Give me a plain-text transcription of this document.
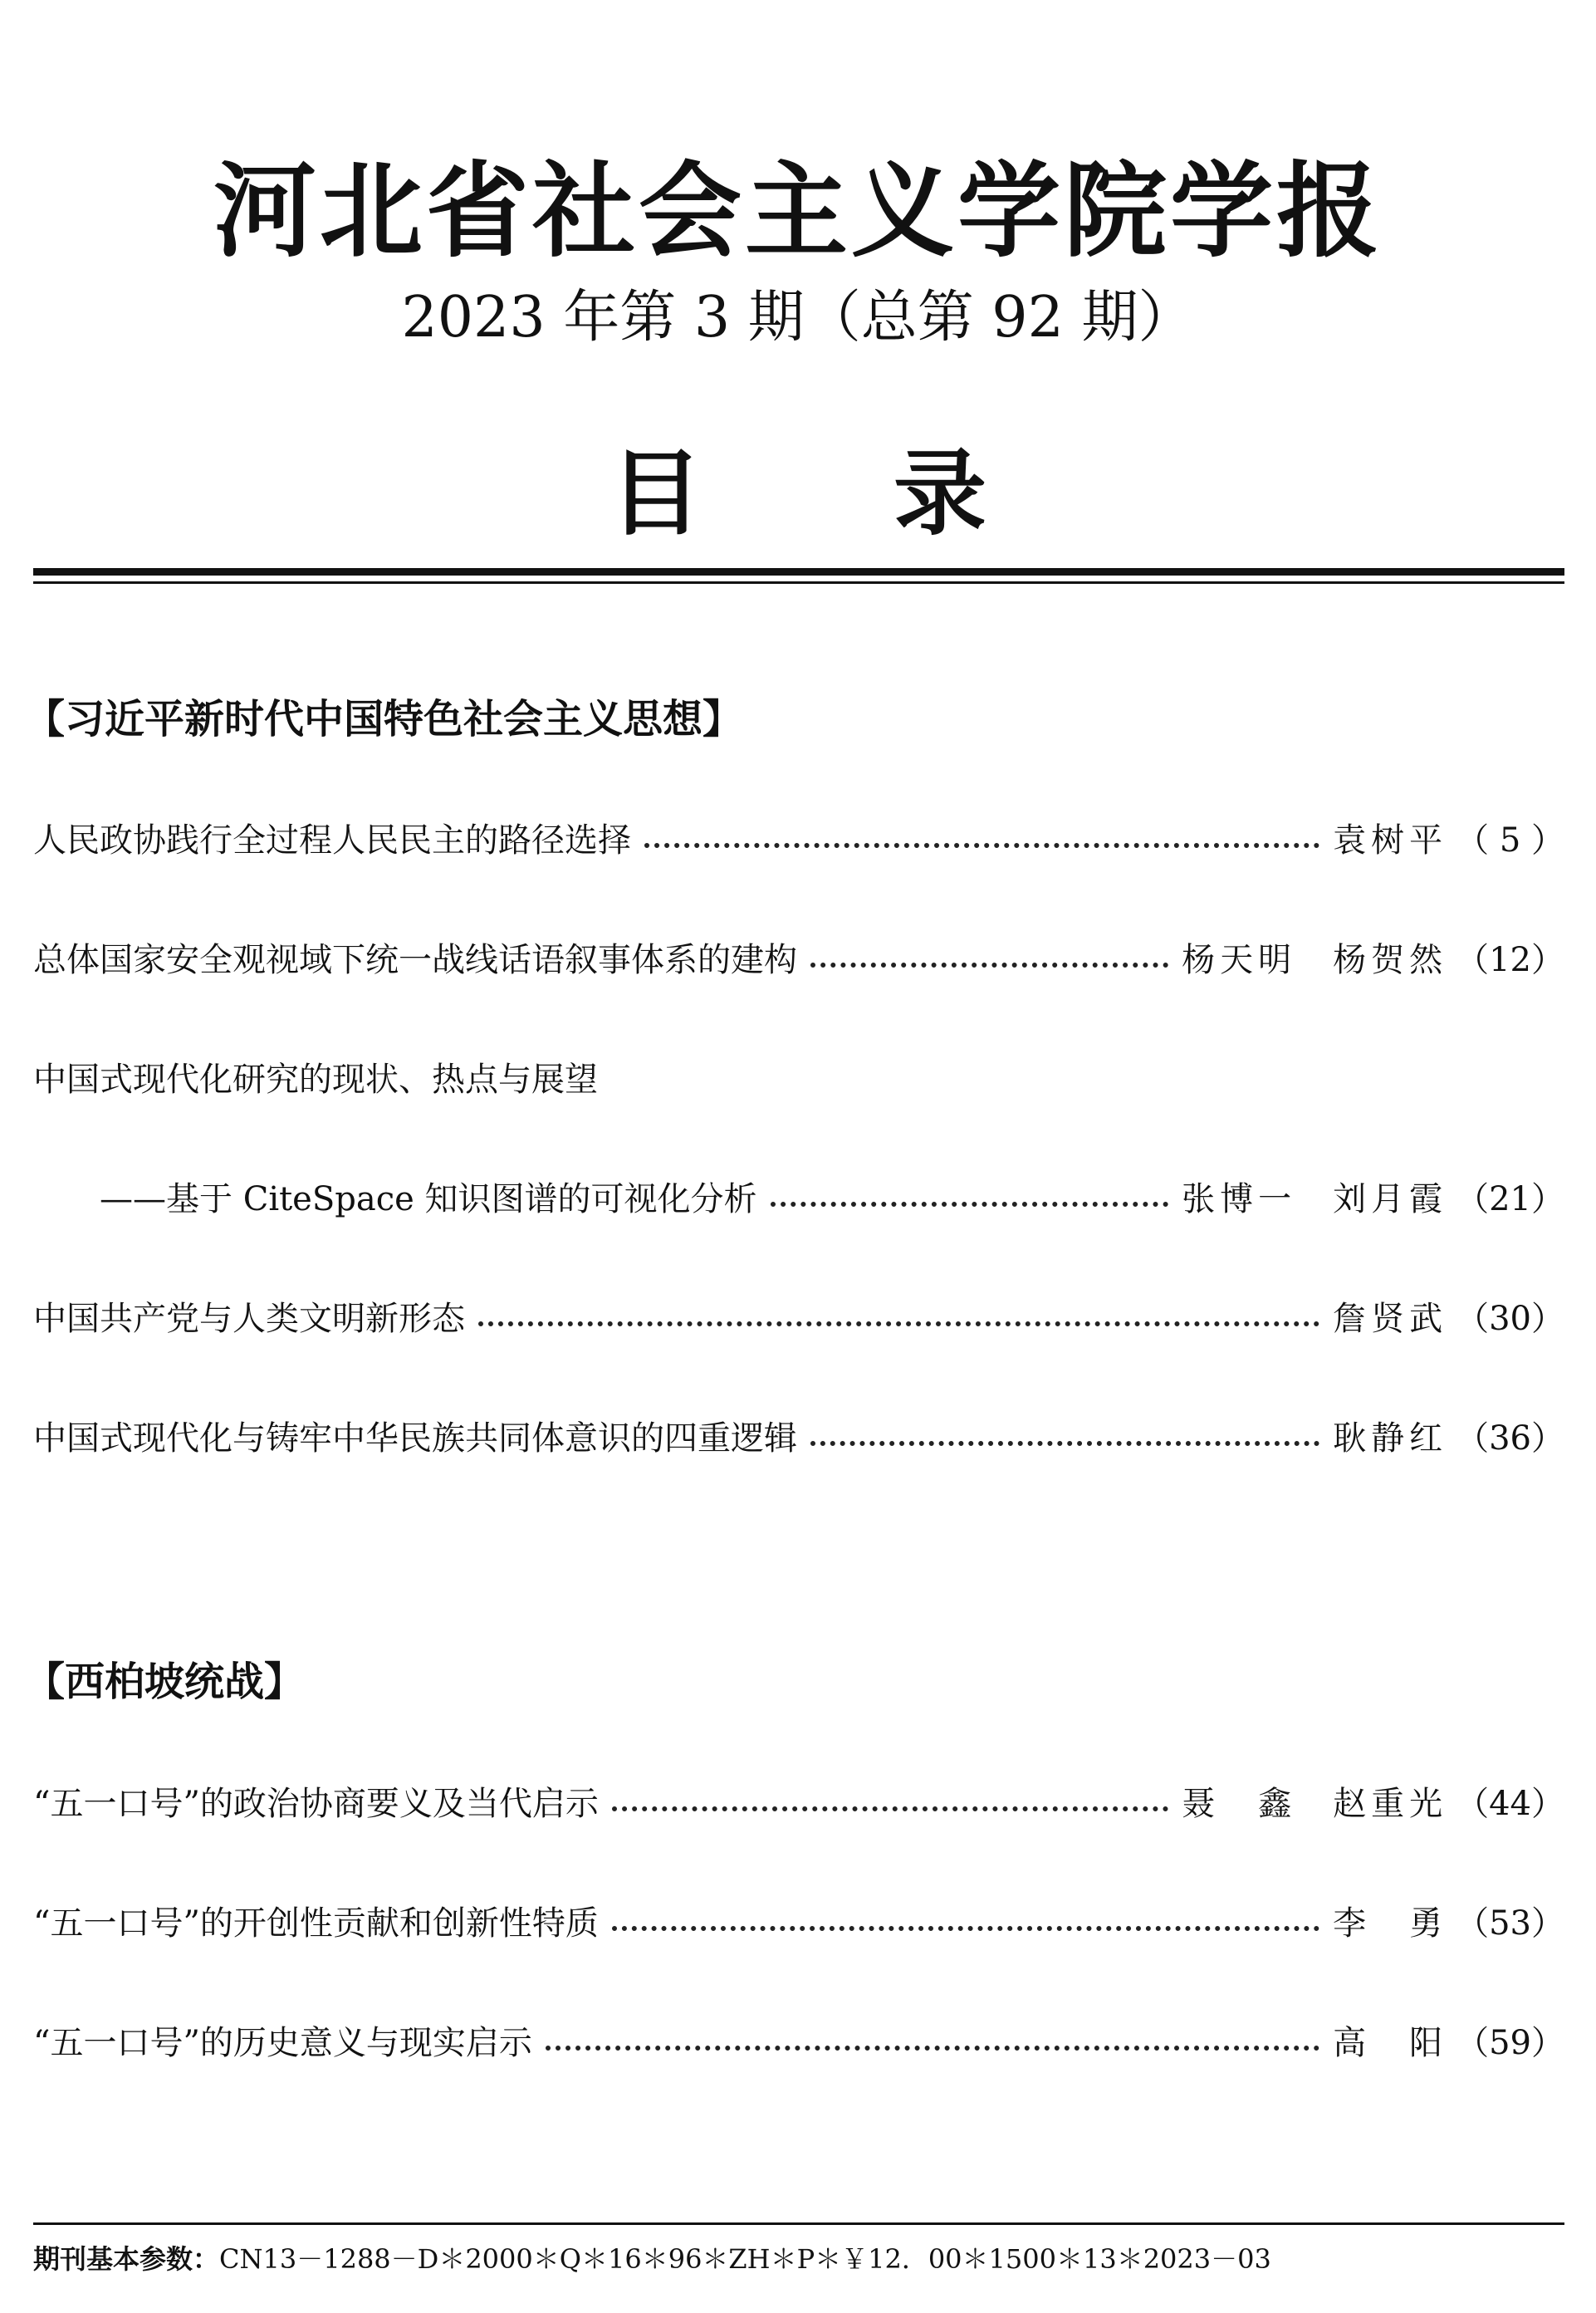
河北省社会主义学院学报
2023 年第 3 期（总第 92 期）
目 录
【习近平新时代中国特色社会主义思想】
人民政协践行全过程人民民主的路径选择	袁树平 （ 5 ）
总体国家安全观视域下统一战线话语叙事体系的建构	杨天明 杨贺然 （12）
中国式现代化研究的现状、热点与展望
——基于 CiteSpace 知识图谱的可视化分析	张博一 刘月霞 （21）
中国共产党与人类文明新形态	詹贤武 （30）
中国式现代化与铸牢中华民族共同体意识的四重逻辑	耿静红 （36）
【西柏坡统战】
“五一口号”的政治协商要义及当代启示	聂　鑫 赵重光 （44）
“五一口号”的开创性贡献和创新性特质	李　勇 （53）
“五一口号”的历史意义与现实启示	高　阳 （59）
期刊基本参数：CN13－1288－D＊2000＊Q＊16＊96＊ZH＊P＊￥12．00＊1500＊13＊2023－03
